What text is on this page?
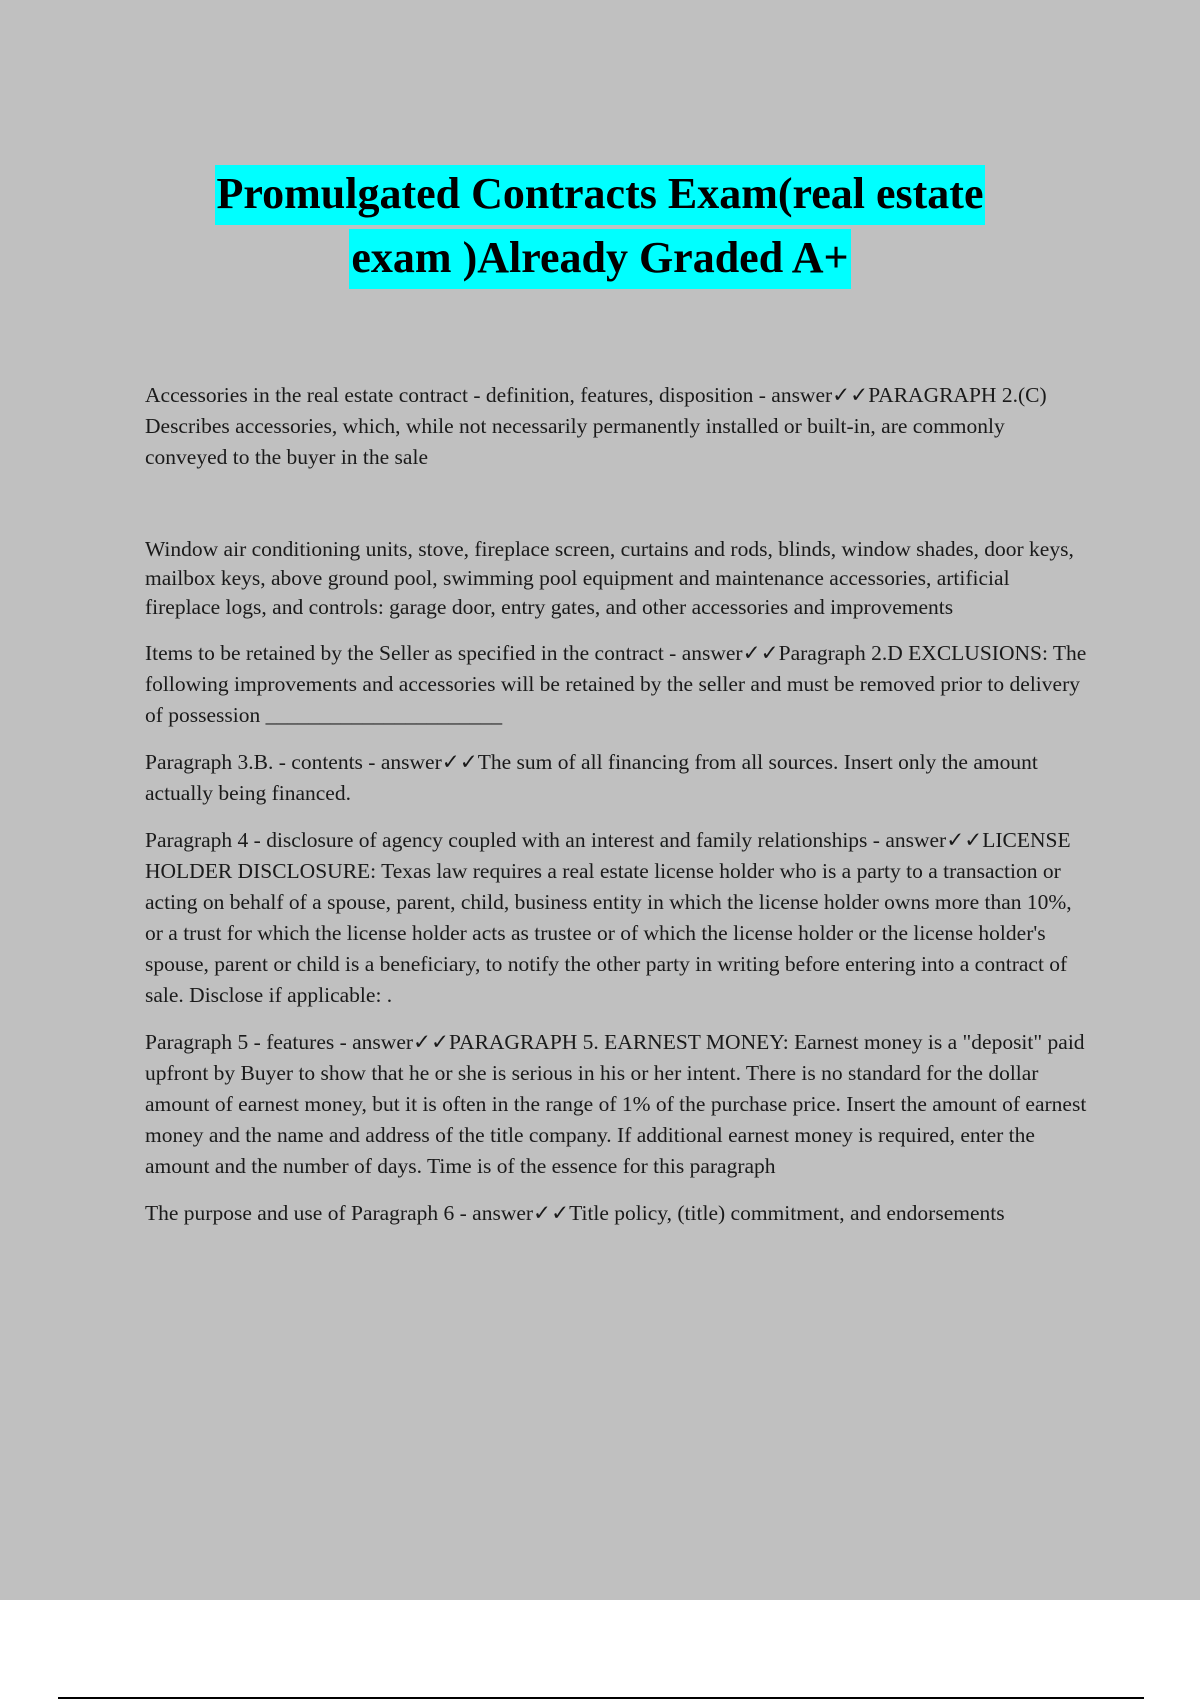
Promulgated Contracts Exam(real estate
exam )Already Graded A+

Accessories in the real estate contract - definition, features, disposition - answer✓✓PARAGRAPH 2.(C) Describes accessories, which, while not necessarily permanently installed or built-in, are commonly conveyed to the buyer in the sale

Window air conditioning units, stove, fireplace screen, curtains and rods, blinds, window shades, door keys, mailbox keys, above ground pool, swimming pool equipment and maintenance accessories, artificial fireplace logs, and controls: garage door, entry gates, and other accessories and improvements

Items to be retained by the Seller as specified in the contract - answer✓✓Paragraph 2.D EXCLUSIONS: The following improvements and accessories will be retained by the seller and must be removed prior to delivery of possession ______________________

Paragraph 3.B. - contents - answer✓✓The sum of all financing from all sources. Insert only the amount actually being financed.

Paragraph 4 - disclosure of agency coupled with an interest and family relationships - answer✓✓LICENSE HOLDER DISCLOSURE: Texas law requires a real estate license holder who is a party to a transaction or acting on behalf of a spouse, parent, child, business entity in which the license holder owns more than 10%, or a trust for which the license holder acts as trustee or of which the license holder or the license holder's spouse, parent or child is a beneficiary, to notify the other party in writing before entering into a contract of sale. Disclose if applicable: .

Paragraph 5 - features - answer✓✓PARAGRAPH 5. EARNEST MONEY: Earnest money is a "deposit" paid upfront by Buyer to show that he or she is serious in his or her intent. There is no standard for the dollar amount of earnest money, but it is often in the range of 1% of the purchase price. Insert the amount of earnest money and the name and address of the title company. If additional earnest money is required, enter the amount and the number of days. Time is of the essence for this paragraph

The purpose and use of Paragraph 6 - answer✓✓Title policy, (title) commitment, and endorsements
